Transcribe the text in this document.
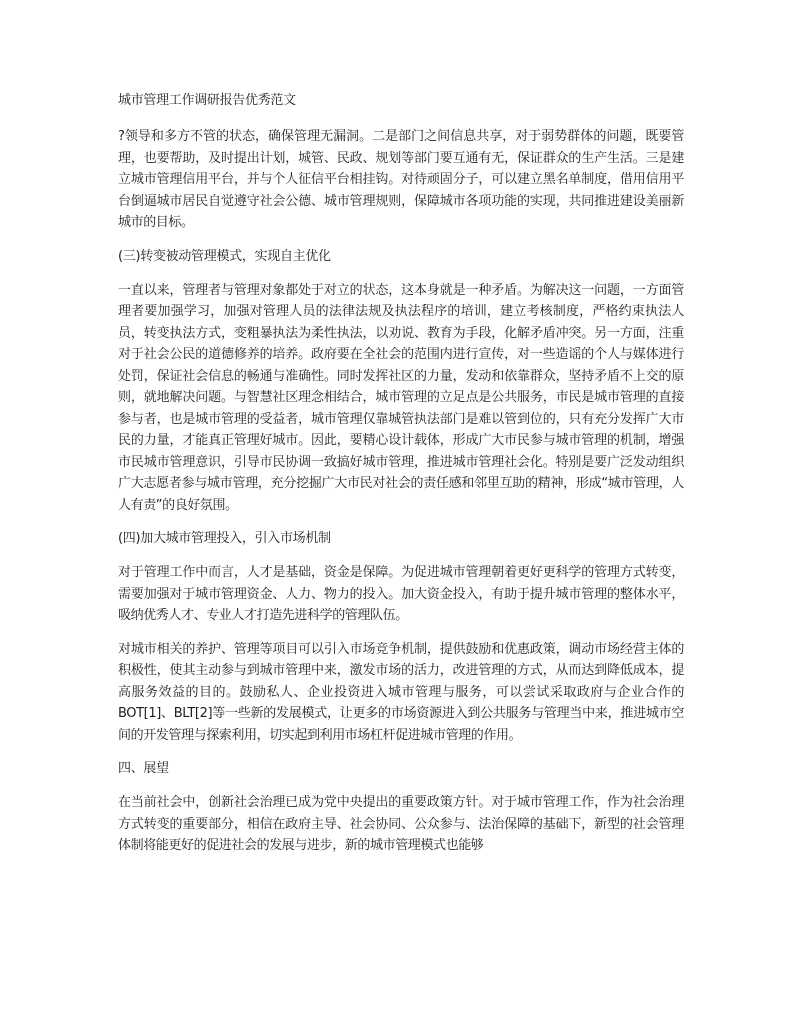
城市管理工作调研报告优秀范文

?领导和多方不管的状态，确保管理无漏洞。二是部门之间信息共享，对于弱势群体的问题，既要管理，也要帮助，及时提出计划，城管、民政、规划等部门要互通有无，保证群众的生产生活。三是建立城市管理信用平台，并与个人征信平台相挂钩。对待顽固分子，可以建立黑名单制度，借用信用平台倒逼城市居民自觉遵守社会公德、城市管理规则，保障城市各项功能的实现，共同推进建设美丽新城市的目标。

(三)转变被动管理模式，实现自主优化

一直以来，管理者与管理对象都处于对立的状态，这本身就是一种矛盾。为解决这一问题，一方面管理者要加强学习，加强对管理人员的法律法规及执法程序的培训，建立考核制度，严格约束执法人员，转变执法方式，变粗暴执法为柔性执法，以劝说、教育为手段，化解矛盾冲突。另一方面，注重对于社会公民的道德修养的培养。政府要在全社会的范围内进行宣传，对一些造谣的个人与媒体进行处罚，保证社会信息的畅通与准确性。同时发挥社区的力量，发动和依靠群众，坚持矛盾不上交的原则，就地解决问题。与智慧社区理念相结合，城市管理的立足点是公共服务，市民是城市管理的直接参与者，也是城市管理的受益者，城市管理仅靠城管执法部门是难以管到位的，只有充分发挥广大市民的力量，才能真正管理好城市。因此，要精心设计载体，形成广大市民参与城市管理的机制，增强市民城市管理意识，引导市民协调一致搞好城市管理，推进城市管理社会化。特别是要广泛发动组织广大志愿者参与城市管理，充分挖掘广大市民对社会的责任感和邻里互助的精神，形成“城市管理，人人有责”的良好氛围。

(四)加大城市管理投入，引入市场机制

对于管理工作中而言，人才是基础，资金是保障。为促进城市管理朝着更好更科学的管理方式转变，需要加强对于城市管理资金、人力、物力的投入。加大资金投入，有助于提升城市管理的整体水平，吸纳优秀人才、专业人才打造先进科学的管理队伍。

对城市相关的养护、管理等项目可以引入市场竞争机制，提供鼓励和优惠政策，调动市场经营主体的积极性，使其主动参与到城市管理中来，激发市场的活力，改进管理的方式，从而达到降低成本，提高服务效益的目的。鼓励私人、企业投资进入城市管理与服务，可以尝试采取政府与企业合作的 BOT[1]、BLT[2]等一些新的发展模式，让更多的市场资源进入到公共服务与管理当中来，推进城市空间的开发管理与探索利用，切实起到利用市场杠杆促进城市管理的作用。

四、展望

在当前社会中，创新社会治理已成为党中央提出的重要政策方针。对于城市管理工作，作为社会治理方式转变的重要部分，相信在政府主导、社会协同、公众参与、法治保障的基础下，新型的社会管理体制将能更好的促进社会的发展与进步，新的城市管理模式也能够
